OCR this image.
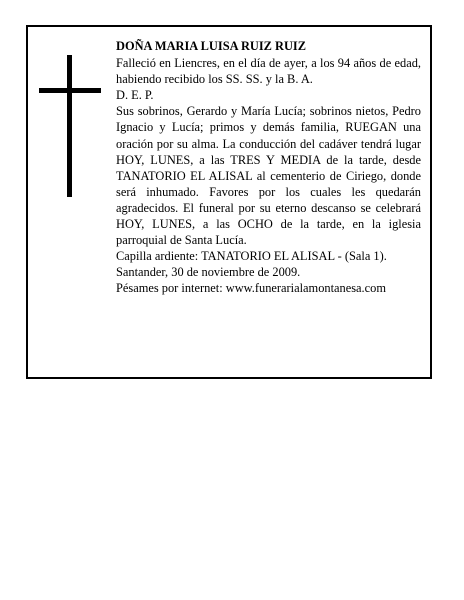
DOÑA MARIA LUISA RUIZ RUIZ

Falleció en Liencres, en el día de ayer, a los 94 años de edad, habiendo recibido los SS. SS. y la B. A.

D. E. P.

Sus sobrinos, Gerardo y María Lucía; sobrinos nietos, Pedro Ignacio y Lucía; primos y demás familia, RUEGAN una oración por su alma. La conducción del cadáver tendrá lugar HOY, LUNES, a las TRES Y MEDIA de la tarde, desde TANATORIO EL ALISAL al cementerio de Ciriego, donde será inhumado. Favores por los cuales les quedarán agradecidos. El funeral por su eterno descanso se celebrará HOY, LUNES, a las OCHO de la tarde, en la iglesia parroquial de Santa Lucía.

Capilla ardiente: TANATORIO EL ALISAL - (Sala 1).

Santander, 30 de noviembre de 2009.

Pésames por internet: www.funerarialamontanesa.com
